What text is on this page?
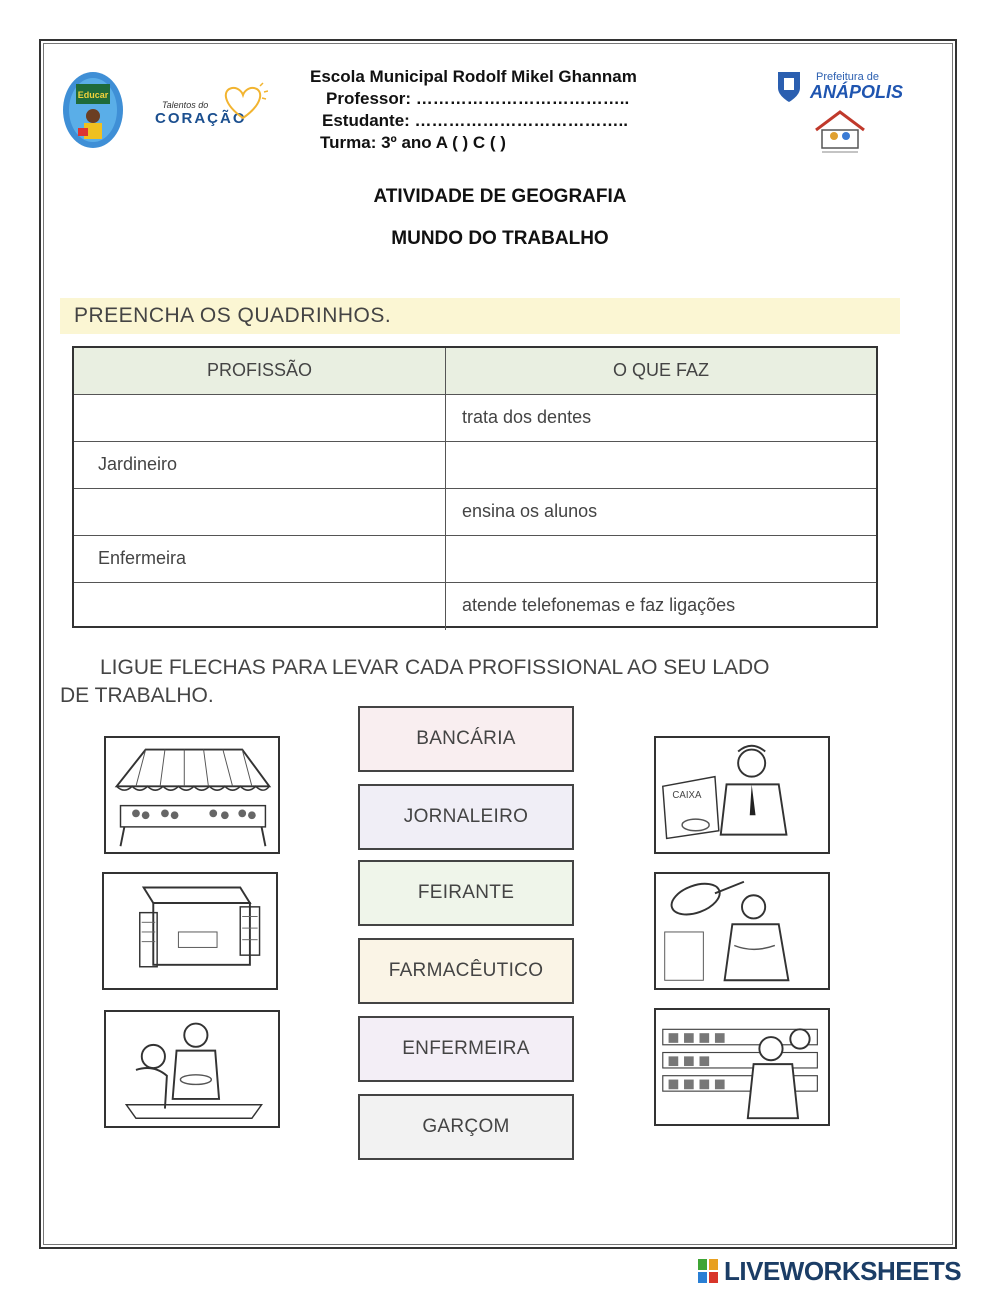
Educar
Talentos do
CORAÇÃO
Escola Municipal Rodolf Mikel Ghannam
Professor: ………………………………..
Estudante: ………………………………..
Turma: 3º ano A ( ) C ( )
Prefeitura de
ANÁPOLIS
ATIVIDADE DE GEOGRAFIA
MUNDO DO TRABALHO
PREENCHA OS QUADRINHOS.
PROFISSÃO	O QUE FAZ
trata dos dentes
Jardineiro
ensina os alunos
Enfermeira
atende telefonemas e faz ligações
LIGUE FLECHAS PARA LEVAR CADA PROFISSIONAL AO SEU LADO
DE TRABALHO.
BANCÁRIA
JORNALEIRO
FEIRANTE
FARMACÊUTICO
ENFERMEIRA
GARÇOM
CAIXA
LIVEWORKSHEETS
